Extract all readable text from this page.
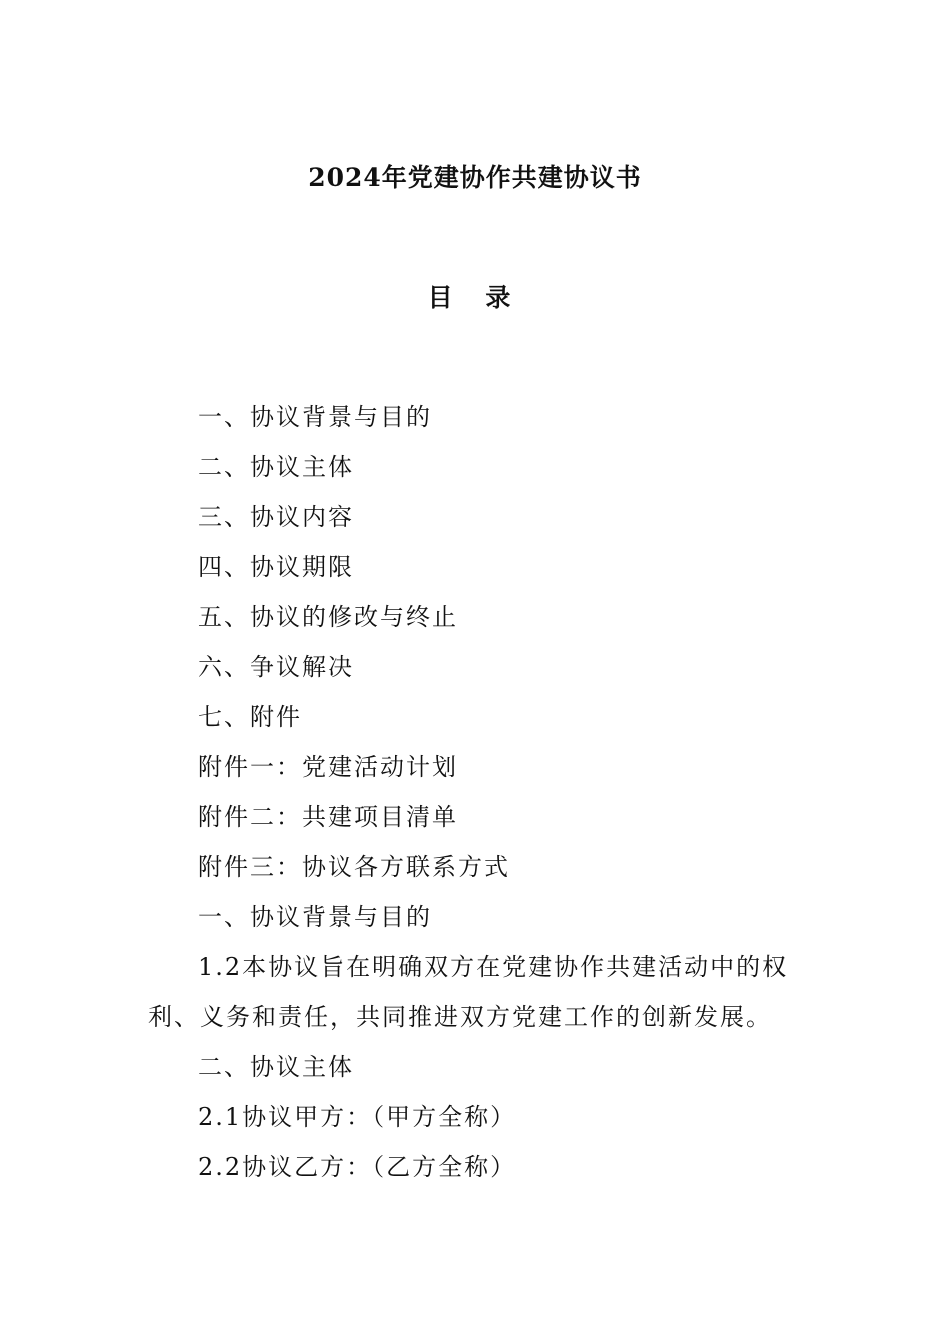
2024年党建协作共建协议书
目 录

一、协议背景与目的

二、协议主体

三、协议内容

四、协议期限

五、协议的修改与终止

六、争议解决

七、附件

附件一：党建活动计划

附件二：共建项目清单

附件三：协议各方联系方式

一、协议背景与目的

1.2本协议旨在明确双方在党建协作共建活动中的权利、义务和责任，共同推进双方党建工作的创新发展。

二、协议主体

2.1协议甲方：（甲方全称）

2.2协议乙方：（乙方全称）
